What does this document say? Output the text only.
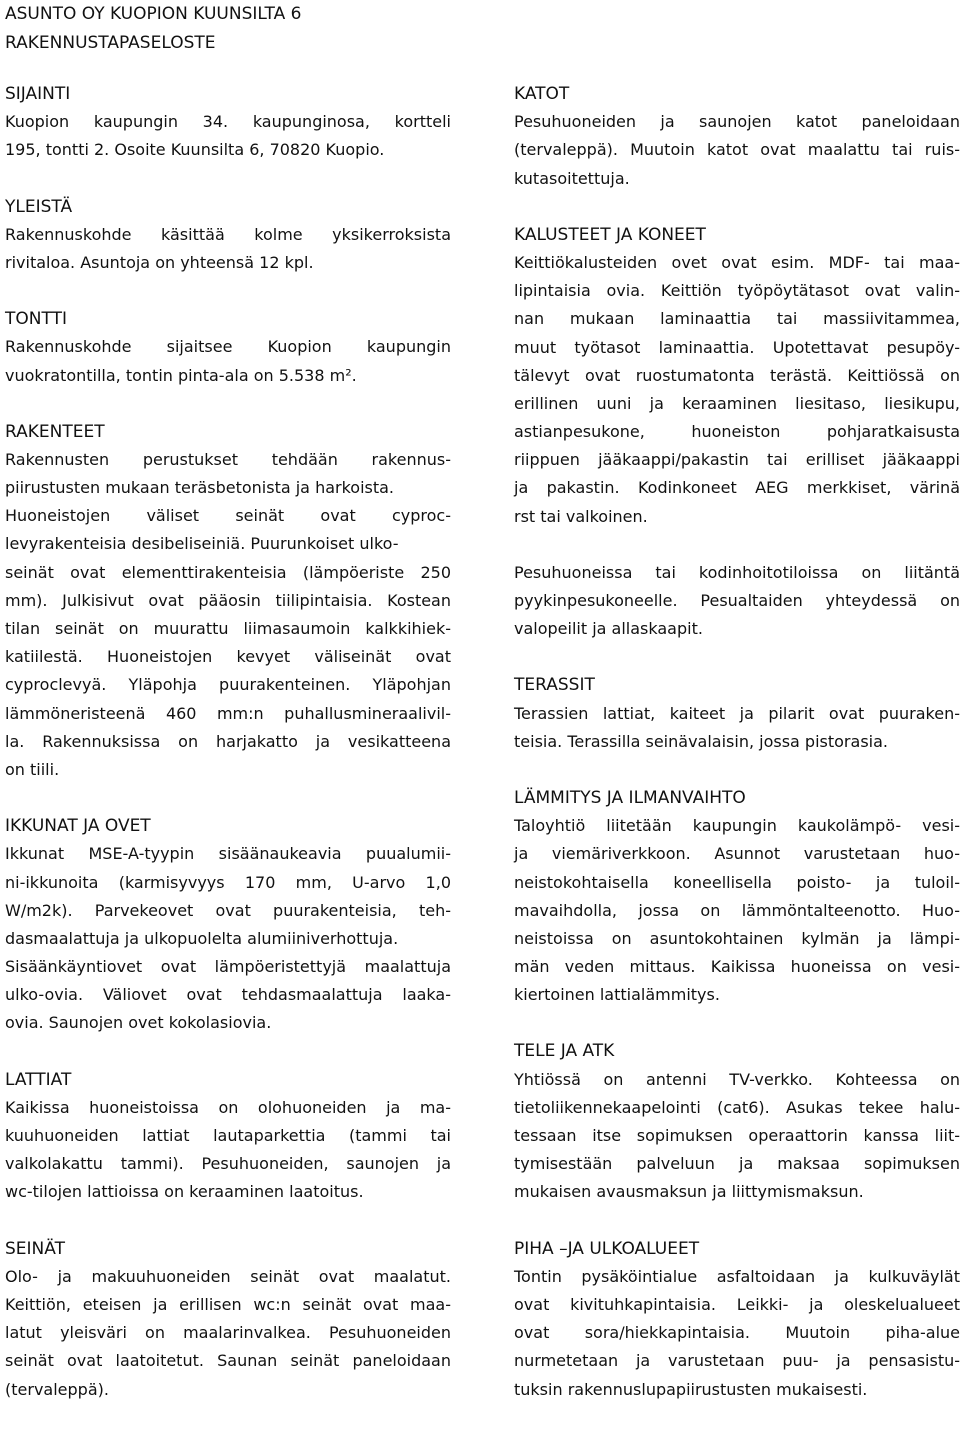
ASUNTO OY KUOPION KUUNSILTA 6
RAKENNUSTAPASELOSTE
SIJAINTI
Kuopion kaupungin 34. kaupunginosa, kortteli
195, tontti 2. Osoite Kuunsilta 6, 70820 Kuopio.
YLEISTÄ
Rakennuskohde käsittää kolme yksikerroksista
rivitaloa. Asuntoja on yhteensä 12 kpl.
TONTTI
Rakennuskohde sijaitsee Kuopion kaupungin
vuokratontilla, tontin pinta-ala on 5.538 m².
RAKENTEET
Rakennusten perustukset tehdään rakennus-
piirustusten mukaan teräsbetonista ja harkoista.
Huoneistojen väliset seinät ovat cyproc-
levyrakenteisia desibeliseiniä. Puurunkoiset ulko-
seinät ovat elementtirakenteisia (lämpöeriste 250
mm). Julkisivut ovat pääosin tiilipintaisia. Kostean
tilan seinät on muurattu liimasaumoin kalkkihiek-
katiilestä. Huoneistojen kevyet väliseinät ovat
cyproclevyä. Yläpohja puurakenteinen. Yläpohjan
lämmöneristeenä 460 mm:n puhallusmineraalivil-
la. Rakennuksissa on harjakatto ja vesikatteena
on tiili.
IKKUNAT JA OVET
Ikkunat MSE-A-tyypin sisäänaukeavia puualumii-
ni-ikkunoita (karmisyvyys 170 mm, U-arvo 1,0
W/m2k). Parvekeovet ovat puurakenteisia, teh-
dasmaalattuja ja ulkopuolelta alumiiniverhottuja.
Sisäänkäyntiovet ovat lämpöeristettyjä maalattuja
ulko-ovia. Väliovet ovat tehdasmaalattuja laaka-
ovia. Saunojen ovet kokolasiovia.
LATTIAT
Kaikissa huoneistoissa on olohuoneiden ja ma-
kuuhuoneiden lattiat lautaparkettia (tammi tai
valkolakattu tammi). Pesuhuoneiden, saunojen ja
wc-tilojen lattioissa on keraaminen laatoitus.
SEINÄT
Olo- ja makuuhuoneiden seinät ovat maalatut.
Keittiön, eteisen ja erillisen wc:n seinät ovat maa-
latut yleisväri on maalarinvalkea. Pesuhuoneiden
seinät ovat laatoitetut. Saunan seinät paneloidaan
(tervaleppä).
KATOT
Pesuhuoneiden ja saunojen katot paneloidaan
(tervaleppä). Muutoin katot ovat maalattu tai ruis-
kutasoitettuja.
KALUSTEET JA KONEET
Keittiökalusteiden ovet ovat esim. MDF- tai maa-
lipintaisia ovia. Keittiön työpöytätasot ovat valin-
nan mukaan laminaattia tai massiivitammea,
muut työtasot laminaattia. Upotettavat pesupöy-
tälevyt ovat ruostumatonta terästä. Keittiössä on
erillinen uuni ja keraaminen liesitaso, liesikupu,
astianpesukone, huoneiston pohjaratkaisusta
riippuen jääkaappi/pakastin tai erilliset jääkaappi
ja pakastin. Kodinkoneet AEG merkkiset, värinä
rst tai valkoinen.
Pesuhuoneissa tai kodinhoitotiloissa on liitäntä
pyykinpesukoneelle. Pesualtaiden yhteydessä on
valopeilit ja allaskaapit.
TERASSIT
Terassien lattiat, kaiteet ja pilarit ovat puuraken-
teisia. Terassilla seinävalaisin, jossa pistorasia.
LÄMMITYS JA ILMANVAIHTO
Taloyhtiö liitetään kaupungin kaukolämpö- vesi-
ja viemäriverkkoon. Asunnot varustetaan huo-
neistokohtaisella koneellisella poisto- ja tuloil-
mavaihdolla, jossa on lämmöntalteenotto. Huo-
neistoissa on asuntokohtainen kylmän ja lämpi-
män veden mittaus. Kaikissa huoneissa on vesi-
kiertoinen lattialämmitys.
TELE JA ATK
Yhtiössä on antenni TV-verkko. Kohteessa on
tietoliikennekaapelointi (cat6). Asukas tekee halu-
tessaan itse sopimuksen operaattorin kanssa liit-
tymisestään palveluun ja maksaa sopimuksen
mukaisen avausmaksun ja liittymismaksun.
PIHA –JA ULKOALUEET
Tontin pysäköintialue asfaltoidaan ja kulkuväylät
ovat kivituhkapintaisia. Leikki- ja oleskelualueet
ovat sora/hiekkapintaisia. Muutoin piha-alue
nurmetetaan ja varustetaan puu- ja pensasistu-
tuksin rakennuslupapiirustusten mukaisesti.
